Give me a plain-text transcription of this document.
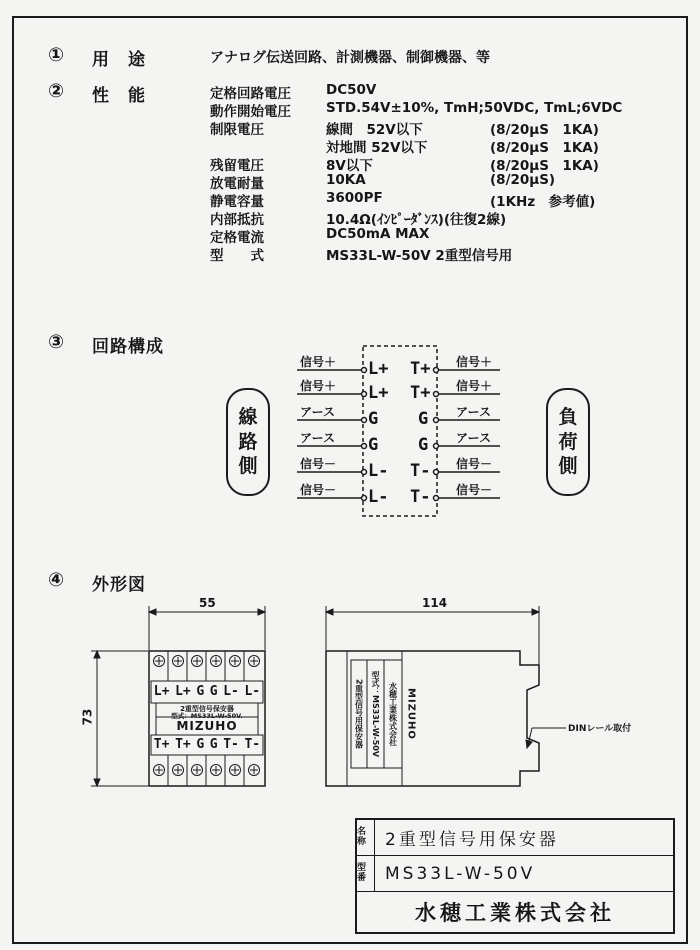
① 用　途	アナログ伝送回路、計測機器、制御機器、等
② 性　能	定格回路電圧	DC50V
動作開始電圧	STD.54V±10%, TmH;50VDC, TmL;6VDC
制限電圧	線間　52V以下	(8/20μS　1KA)
対地間 52V以下	(8/20μS　1KA)
残留電圧	8V以下	(8/20μS　1KA)
放電耐量	10KA	(8/20μS)
静電容量	3600PF	(1KHz　参考値)
内部抵抗	10.4Ω(ｲﾝﾋﾟｰﾀﾞﾝｽ)(往復2線)
定格電流	DC50mA MAX
型　　式	MS33L-W-50V 2重型信号用
③ 回路構成
線
路
側
負
荷
側
信号＋
信号＋
アース
アース
信号－
信号－
信号＋
信号＋
アース
アース
信号－
信号－
L+
L+
G
G
L-
L-
T+
T+
G
G
T-
T-
④ 外形図
55
73
114
L+ L+ G G L- L-
T+ T+ G G T- T-
2重型信号保安器
型式：MS33L-W-50V.
MIZUHO	2重型信号用保安器 型式：MS33L-W-50V 水穂工業株式会社 MIZUHO	DINレール取付
名称	2重型信号用保安器
型番	MS33L-W-50V
水穂工業株式会社
